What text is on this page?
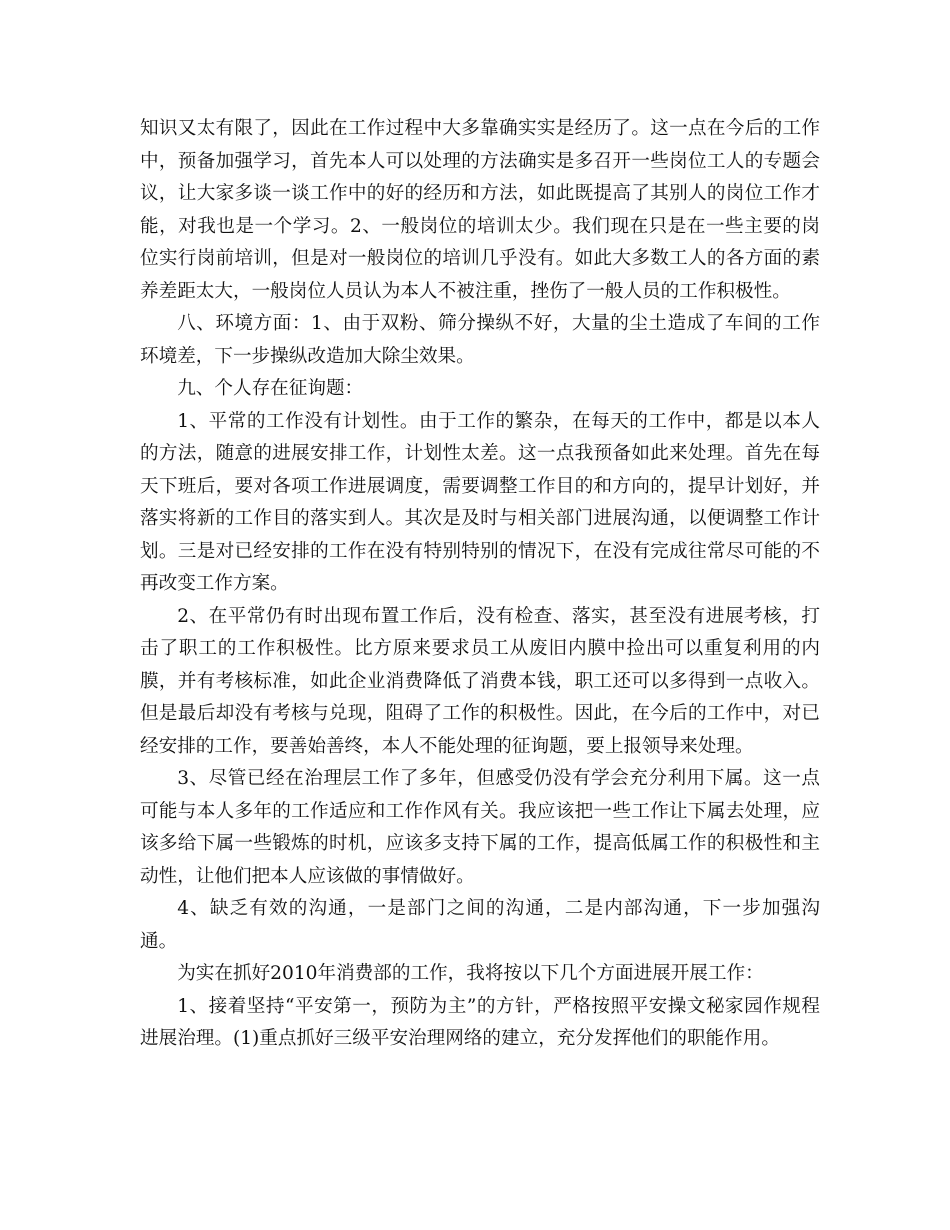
知识又太有限了，因此在工作过程中大多靠确实实是经历了。这一点在今后的工作中，预备加强学习，首先本人可以处理的方法确实是多召开一些岗位工人的专题会议，让大家多谈一谈工作中的好的经历和方法，如此既提高了其别人的岗位工作才能，对我也是一个学习。2、一般岗位的培训太少。我们现在只是在一些主要的岗位实行岗前培训，但是对一般岗位的培训几乎没有。如此大多数工人的各方面的素养差距太大，一般岗位人员认为本人不被注重，挫伤了一般人员的工作积极性。

八、环境方面：1、由于双粉、筛分操纵不好，大量的尘土造成了车间的工作环境差，下一步操纵改造加大除尘效果。

九、个人存在征询题：

1、平常的工作没有计划性。由于工作的繁杂，在每天的工作中，都是以本人的方法，随意的进展安排工作，计划性太差。这一点我预备如此来处理。首先在每天下班后，要对各项工作进展调度，需要调整工作目的和方向的，提早计划好，并落实将新的工作目的落实到人。其次是及时与相关部门进展沟通，以便调整工作计划。三是对已经安排的工作在没有特别特别的情况下，在没有完成往常尽可能的不再改变工作方案。

2、在平常仍有时出现布置工作后，没有检查、落实，甚至没有进展考核，打击了职工的工作积极性。比方原来要求员工从废旧内膜中捡出可以重复利用的内膜，并有考核标准，如此企业消费降低了消费本钱，职工还可以多得到一点收入。但是最后却没有考核与兑现，阻碍了工作的积极性。因此，在今后的工作中，对已经安排的工作，要善始善终，本人不能处理的征询题，要上报领导来处理。

3、尽管已经在治理层工作了多年，但感受仍没有学会充分利用下属。这一点可能与本人多年的工作适应和工作作风有关。我应该把一些工作让下属去处理，应该多给下属一些锻炼的时机，应该多支持下属的工作，提高低属工作的积极性和主动性，让他们把本人应该做的事情做好。

4、缺乏有效的沟通，一是部门之间的沟通，二是内部沟通，下一步加强沟通。

为实在抓好2010年消费部的工作，我将按以下几个方面进展开展工作：

1、接着坚持“平安第一，预防为主”的方针，严格按照平安操文秘家园作规程进展治理。(1)重点抓好三级平安治理网络的建立，充分发挥他们的职能作用。
